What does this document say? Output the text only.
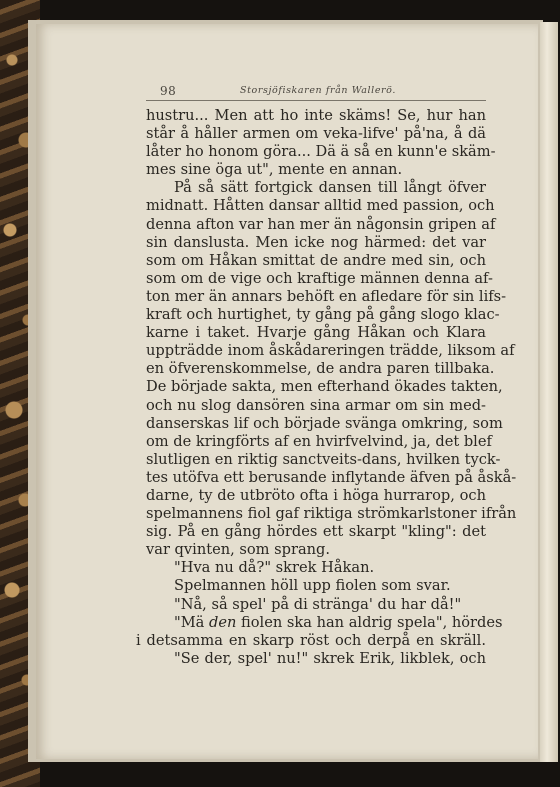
98	Storsjöfiskaren från Wallerö.
hustru... Men att ho inte skäms! Se, hur han
står å håller armen om veka-lifve' på'na, å dä
låter ho honom göra... Dä ä så en kunn'e skäm-
mes sine öga ut", mente en annan.
På så sätt fortgick dansen till långt öfver
midnatt. Håtten dansar alltid med passion, och
denna afton var han mer än någonsin gripen af
sin danslusta. Men icke nog härmed: det var
som om Håkan smittat de andre med sin, och
som om de vige och kraftige männen denna af-
ton mer än annars behöft en afledare för sin lifs-
kraft och hurtighet, ty gång på gång slogo klac-
karne i taket. Hvarje gång Håkan och Klara
uppträdde inom åskådareringen trädde, liksom af
en öfverenskommelse, de andra paren tillbaka.
De började sakta, men efterhand ökades takten,
och nu slog dansören sina armar om sin med-
danserskas lif och började svänga omkring, som
om de kringförts af en hvirfvelvind, ja, det blef
slutligen en riktig sanctveits-dans, hvilken tyck-
tes utöfva ett berusande inflytande äfven på åskå-
darne, ty de utbröto ofta i höga hurrarop, och
spelmannens fiol gaf riktiga strömkarlstoner ifrån
sig. På en gång hördes ett skarpt "kling": det
var qvinten, som sprang.
"Hva nu då?" skrek Håkan.
Spelmannen höll upp fiolen som svar.
"Nå, så spel' på di stränga' du har då!"
"Mä den fiolen ska han aldrig spela", hördes
i detsamma en skarp röst och derpå en skräll.
"Se der, spel' nu!" skrek Erik, likblek, och
